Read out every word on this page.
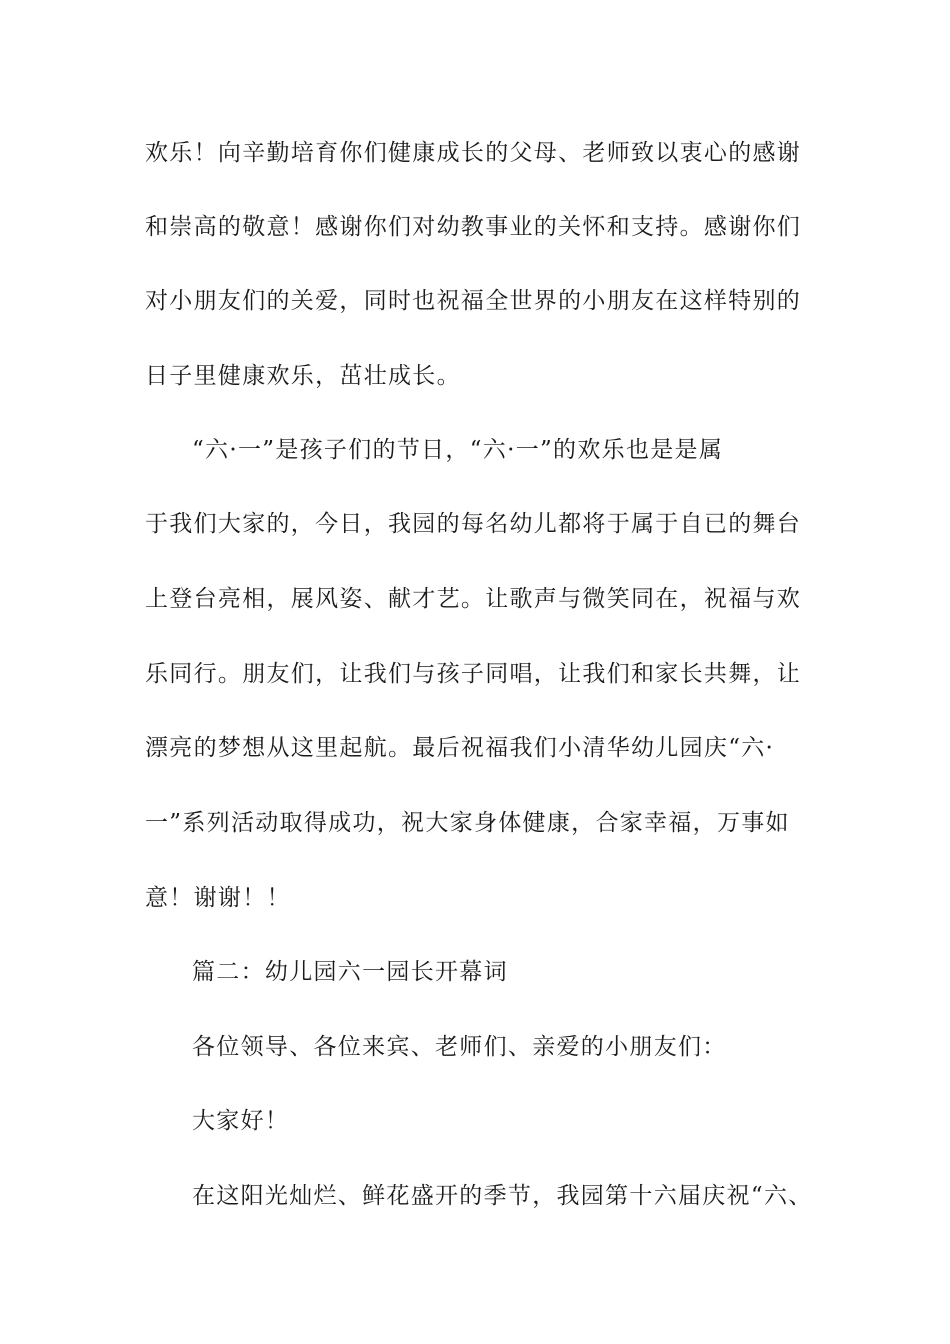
欢乐！向辛勤培育你们健康成长的父母、老师致以衷心的感谢
和崇高的敬意！感谢你们对幼教事业的关怀和支持。感谢你们
对小朋友们的关爱，同时也祝福全世界的小朋友在这样特别的
日子里健康欢乐，茁壮成长。
“六·一”是孩子们的节日，“六·一”的欢乐也是是属
于我们大家的，今日，我园的每名幼儿都将于属于自已的舞台
上登台亮相，展风姿、献才艺。让歌声与微笑同在，祝福与欢
乐同行。朋友们，让我们与孩子同唱，让我们和家长共舞，让
漂亮的梦想从这里起航。最后祝福我们小清华幼儿园庆“六·
一”系列活动取得成功，祝大家身体健康，合家幸福，万事如
意！谢谢！！
篇二：幼儿园六一园长开幕词
各位领导、各位来宾、老师们、亲爱的小朋友们：
大家好！
在这阳光灿烂、鲜花盛开的季节，我园第十六届庆祝“六、
